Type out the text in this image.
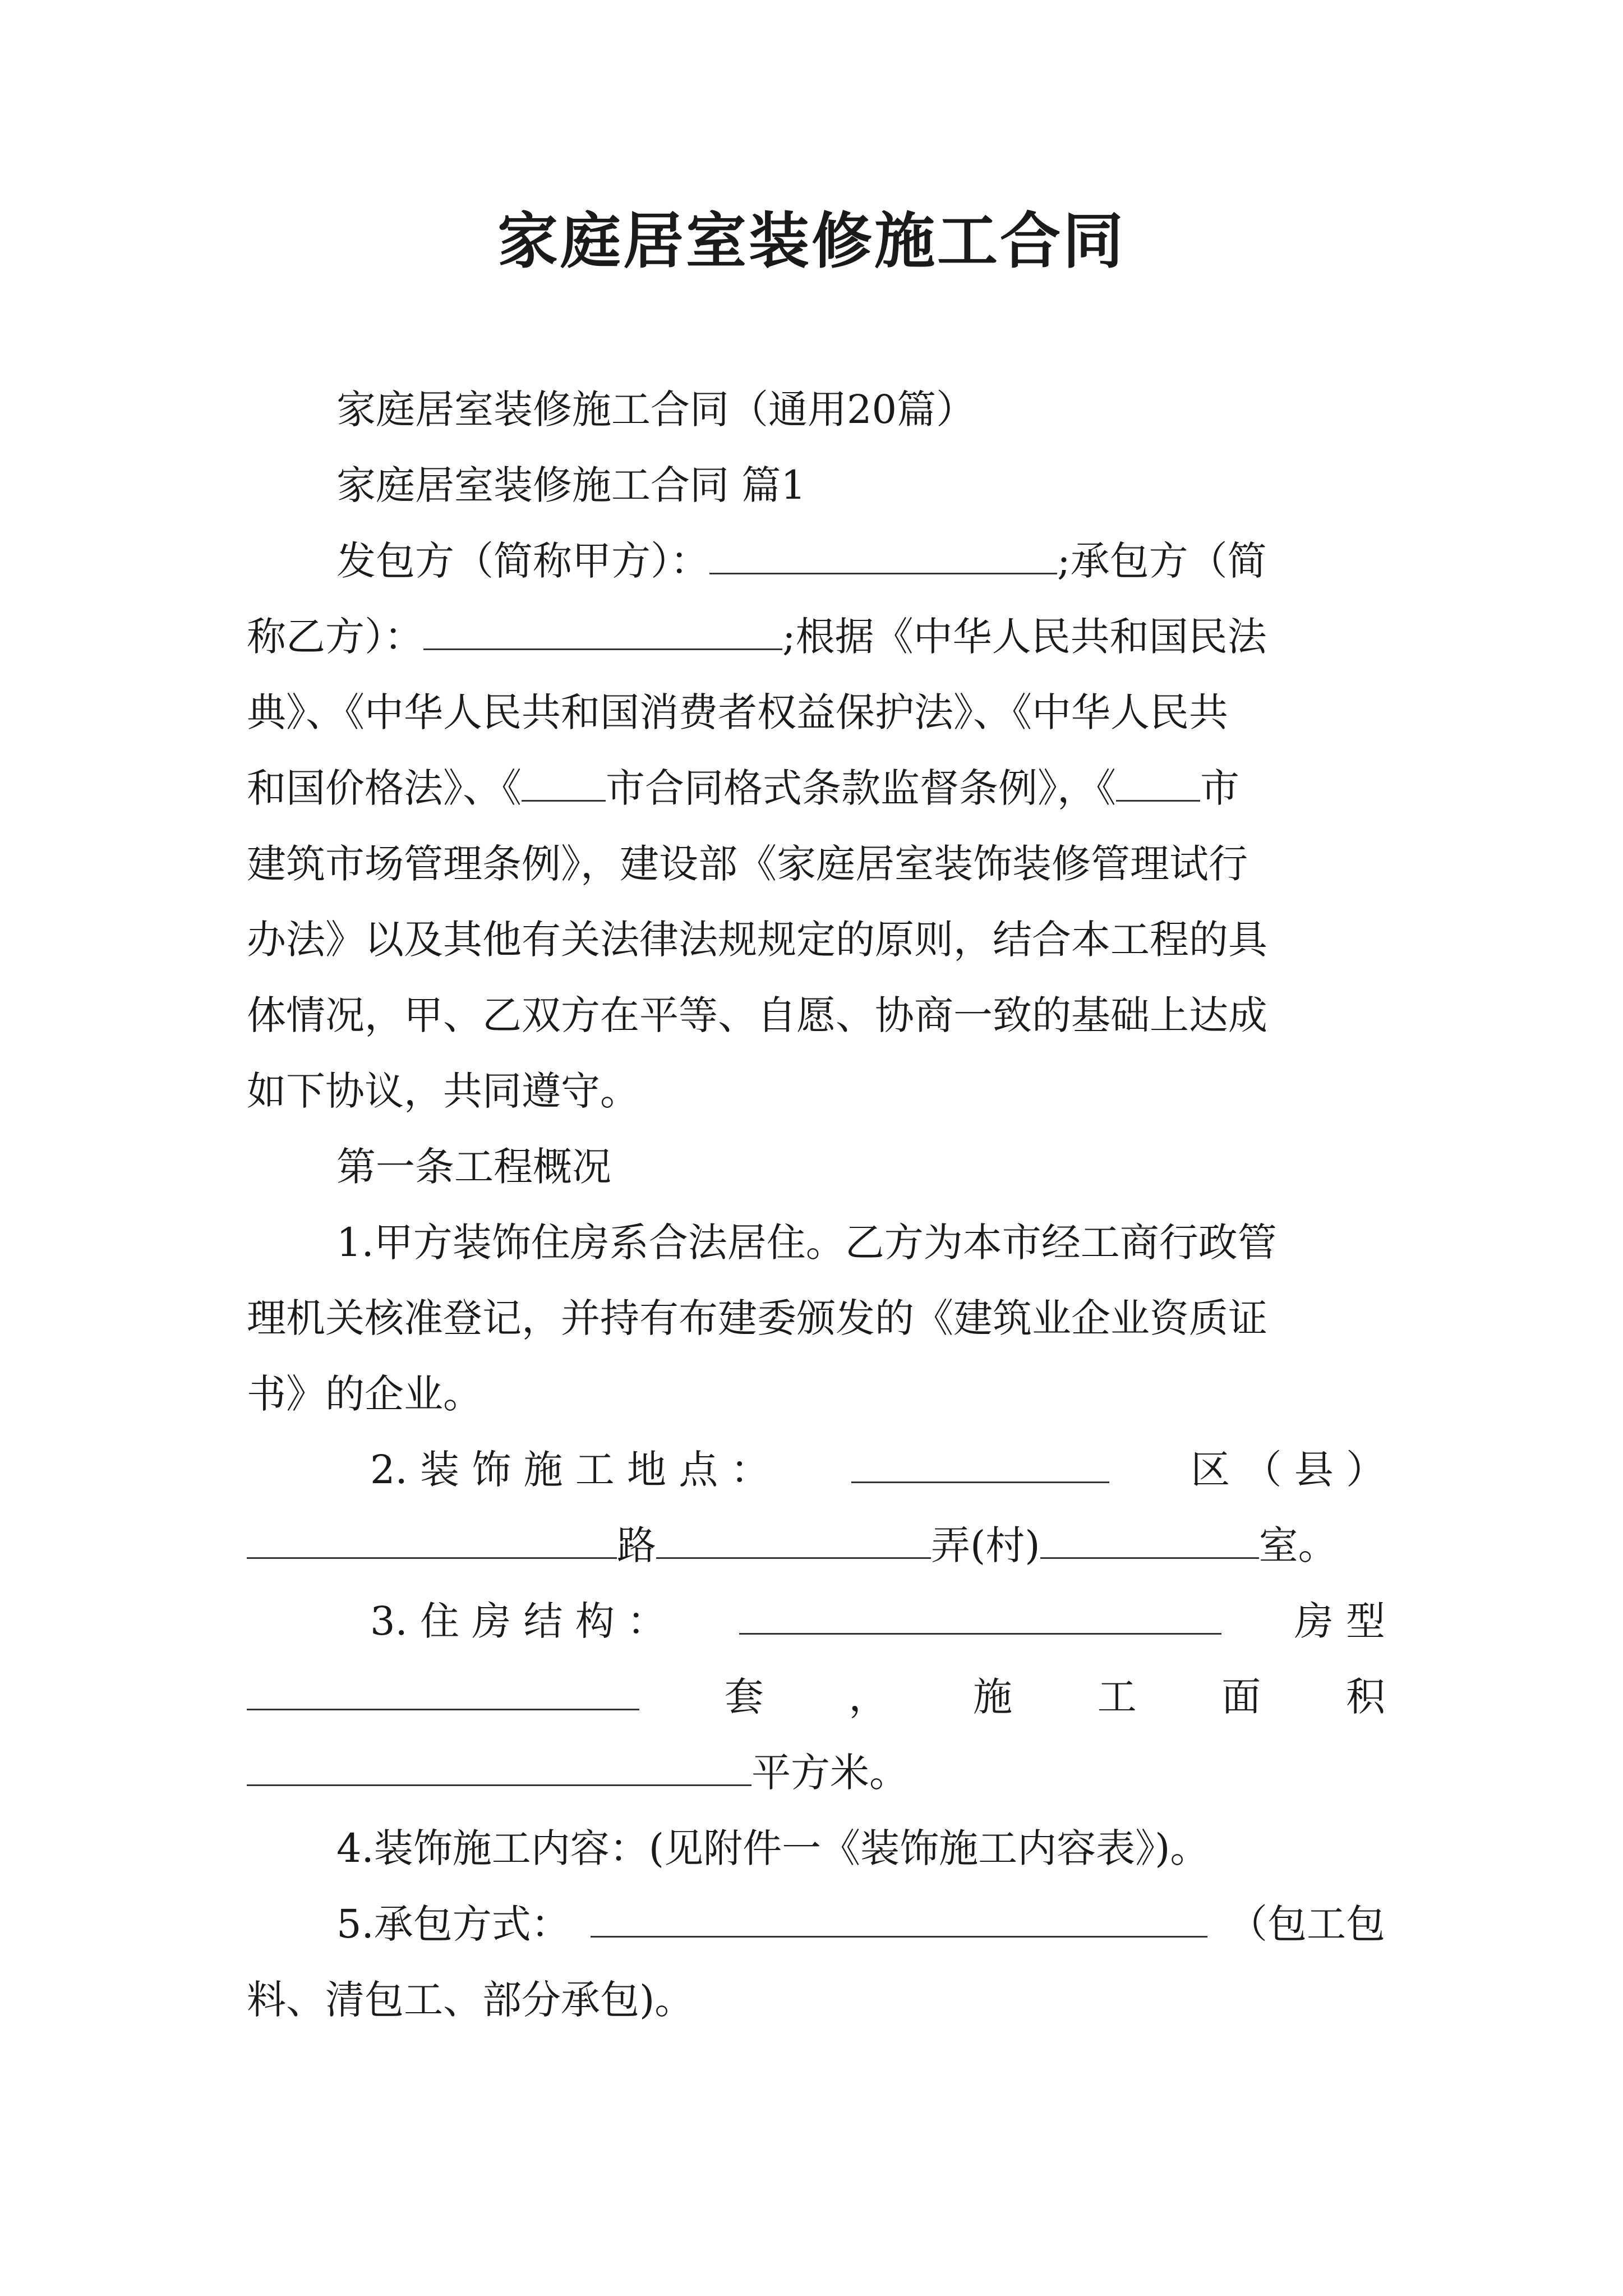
家庭居室装修施工合同
家庭居室装修施工合同（通用20篇）
家庭居室装修施工合同 篇1
发包方（简称甲方）：	;承包方（简
称乙方）：	;根据《中华人民共和国民法
典》、《中华人民共和国消费者权益保护法》、《中华人民共
和国价格法》、《 市合同格式条款监督条例》，《 市
建筑市场管理条例》，建设部《家庭居室装饰装修管理试行
办法》以及其他有关法律法规规定的原则，结合本工程的具
体情况，甲、乙双方在平等、自愿、协商一致的基础上达成
如下协议，共同遵守。
第一条工程概况
1.甲方装饰住房系合法居住。乙方为本市经工商行政管
理机关核准登记，并持有布建委颁发的《建筑业企业资质证
书》的企业。
2. 装 饰 施 工 地 点 ：	区 （ 县 ）
路	弄(村)	室。
3. 住 房 结 构 ：	房 型
套 ， 施 工 面 积
平方米。
4.装饰施工内容：(见附件一《装饰施工内容表》)。
5.承包方式：	（包工包
料、清包工、部分承包)。
